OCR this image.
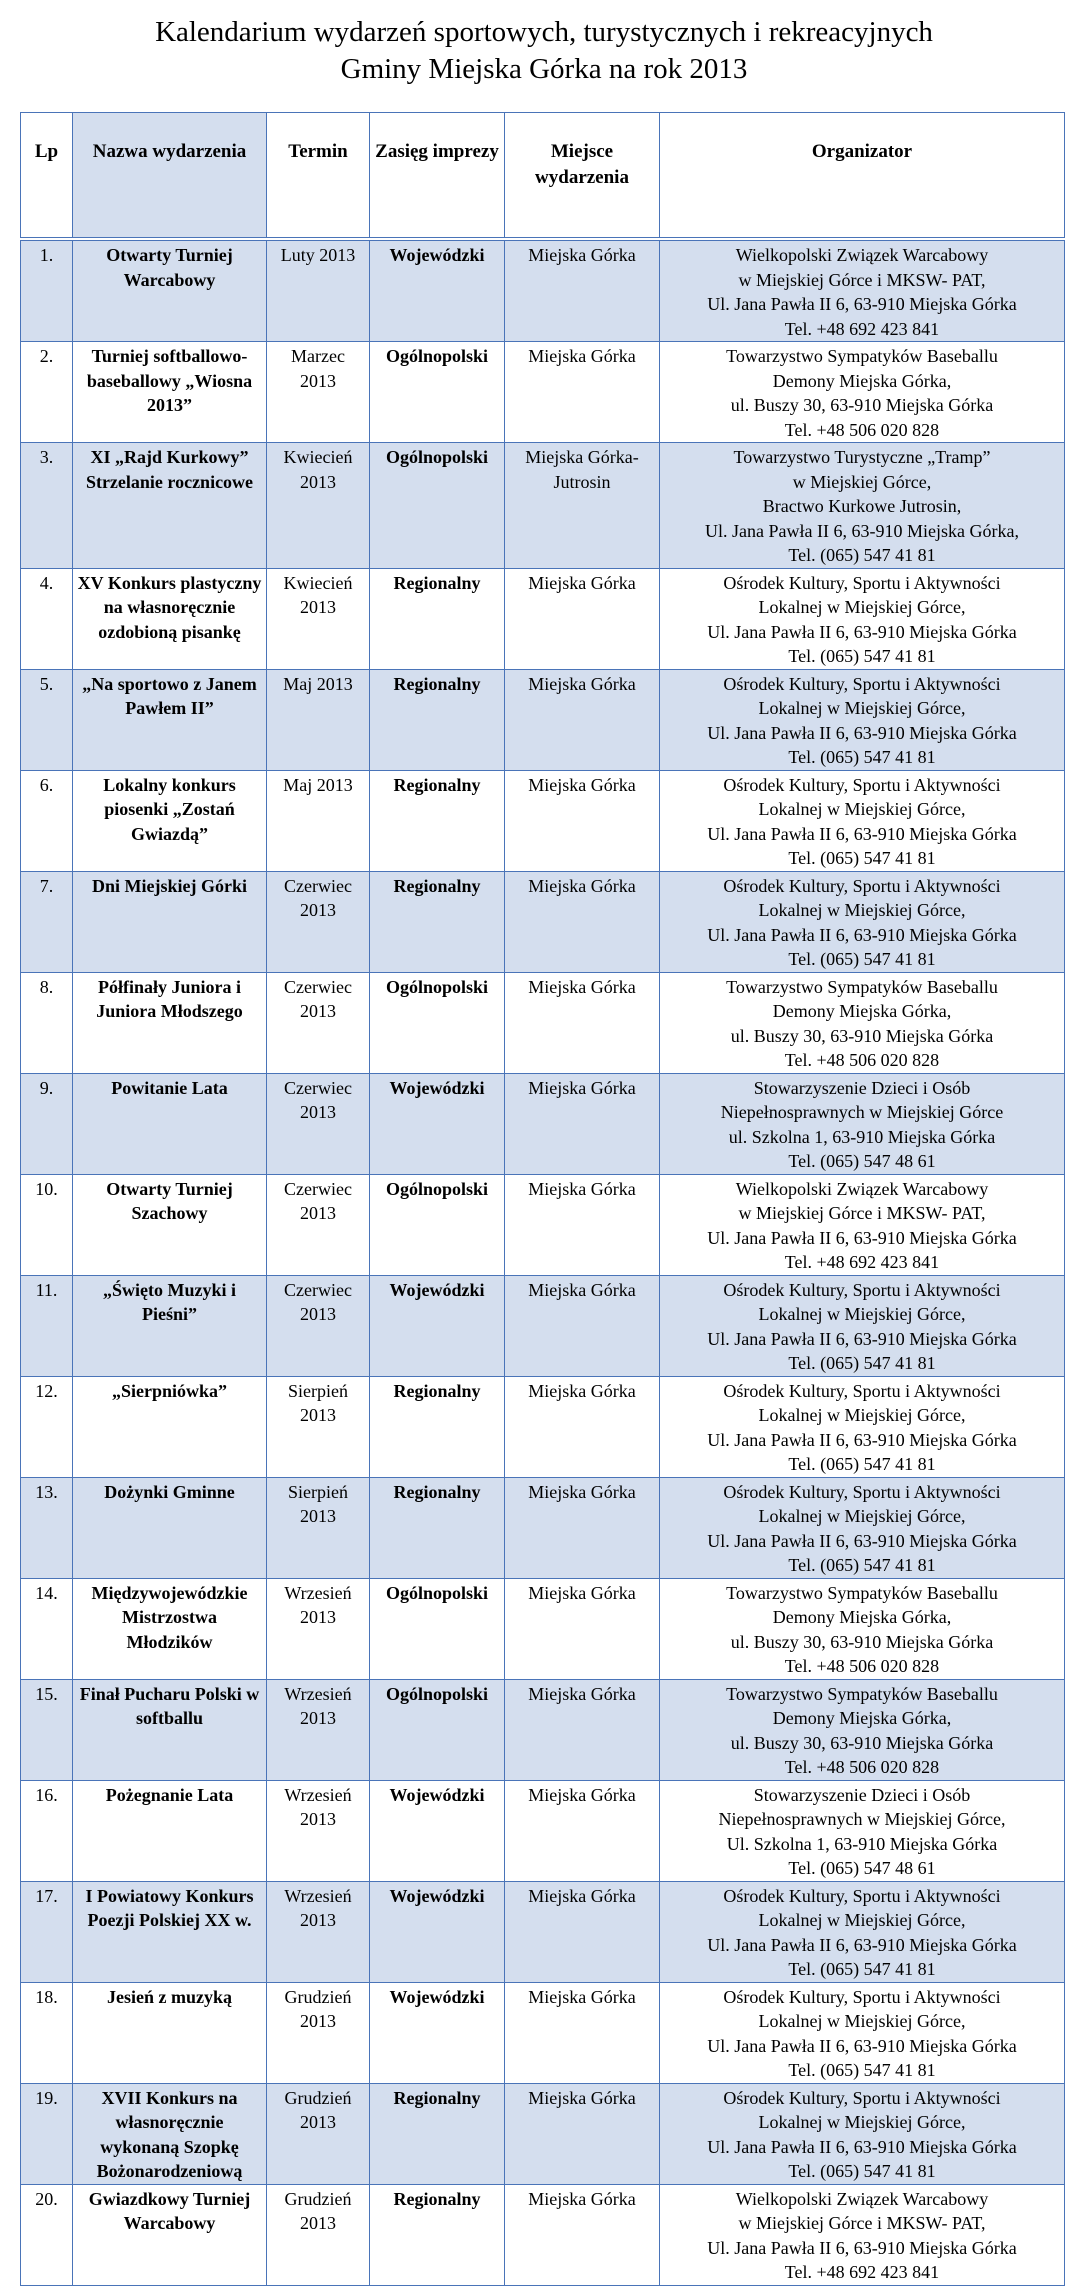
Kalendarium wydarzeń sportowych, turystycznych i rekreacyjnych
Gminy Miejska Górka na rok 2013
Lp	Nazwa wydarzenia	Termin	Zasięg imprezy	Miejsce wydarzenia	Organizator
1.	Otwarty Turniej Warcabowy	Luty 2013	Wojewódzki	Miejska Górka	Wielkopolski Związek Warcabowy
w Miejskiej Górce i MKSW- PAT,
Ul. Jana Pawła II 6, 63-910 Miejska Górka
Tel. +48 692 423 841

2.	Turniej softballowo-baseballowy „Wiosna 2013”	Marzec 2013	Ogólnopolski	Miejska Górka	Towarzystwo Sympatyków Baseballu
Demony Miejska Górka,
ul. Buszy 30, 63-910 Miejska Górka
Tel. +48 506 020 828

3.	XI „Rajd Kurkowy” Strzelanie rocznicowe	Kwiecień 2013	Ogólnopolski	Miejska Górka-Jutrosin	Towarzystwo Turystyczne „Tramp”
w Miejskiej Górce,
Bractwo Kurkowe Jutrosin,
Ul. Jana Pawła II 6, 63-910 Miejska Górka,
Tel. (065) 547 41 81

4.	XV Konkurs plastyczny na własnoręcznie ozdobioną pisankę	Kwiecień 2013	Regionalny	Miejska Górka	Ośrodek Kultury, Sportu i Aktywności
Lokalnej w Miejskiej Górce,
Ul. Jana Pawła II 6, 63-910 Miejska Górka
Tel. (065) 547 41 81

5.	„Na sportowo z Janem Pawłem II”	Maj 2013	Regionalny	Miejska Górka	Ośrodek Kultury, Sportu i Aktywności
Lokalnej w Miejskiej Górce,
Ul. Jana Pawła II 6, 63-910 Miejska Górka
Tel. (065) 547 41 81

6.	Lokalny konkurs piosenki „Zostań Gwiazdą”	Maj 2013	Regionalny	Miejska Górka	Ośrodek Kultury, Sportu i Aktywności
Lokalnej w Miejskiej Górce,
Ul. Jana Pawła II 6, 63-910 Miejska Górka
Tel. (065) 547 41 81

7.	Dni Miejskiej Górki	Czerwiec 2013	Regionalny	Miejska Górka	Ośrodek Kultury, Sportu i Aktywności
Lokalnej w Miejskiej Górce,
Ul. Jana Pawła II 6, 63-910 Miejska Górka
Tel. (065) 547 41 81

8.	Półfinały Juniora i Juniora Młodszego	Czerwiec 2013	Ogólnopolski	Miejska Górka	Towarzystwo Sympatyków Baseballu
Demony Miejska Górka,
ul. Buszy 30, 63-910 Miejska Górka
Tel. +48 506 020 828

9.	Powitanie Lata	Czerwiec 2013	Wojewódzki	Miejska Górka	Stowarzyszenie Dzieci i Osób
Niepełnosprawnych w Miejskiej Górce
ul. Szkolna 1, 63-910 Miejska Górka
Tel. (065) 547 48 61

10.	Otwarty Turniej Szachowy	Czerwiec 2013	Ogólnopolski	Miejska Górka	Wielkopolski Związek Warcabowy
w Miejskiej Górce i MKSW- PAT,
Ul. Jana Pawła II 6, 63-910 Miejska Górka
Tel. +48 692 423 841

11.	„Święto Muzyki i Pieśni”	Czerwiec 2013	Wojewódzki	Miejska Górka	Ośrodek Kultury, Sportu i Aktywności
Lokalnej w Miejskiej Górce,
Ul. Jana Pawła II 6, 63-910 Miejska Górka
Tel. (065) 547 41 81

12.	„Sierpniówka”	Sierpień 2013	Regionalny	Miejska Górka	Ośrodek Kultury, Sportu i Aktywności
Lokalnej w Miejskiej Górce,
Ul. Jana Pawła II 6, 63-910 Miejska Górka
Tel. (065) 547 41 81

13.	Dożynki Gminne	Sierpień 2013	Regionalny	Miejska Górka	Ośrodek Kultury, Sportu i Aktywności
Lokalnej w Miejskiej Górce,
Ul. Jana Pawła II 6, 63-910 Miejska Górka
Tel. (065) 547 41 81

14.	Międzywojewódzkie Mistrzostwa Młodzików	Wrzesień 2013	Ogólnopolski	Miejska Górka	Towarzystwo Sympatyków Baseballu
Demony Miejska Górka,
ul. Buszy 30, 63-910 Miejska Górka
Tel. +48 506 020 828

15.	Finał Pucharu Polski w softballu	Wrzesień 2013	Ogólnopolski	Miejska Górka	Towarzystwo Sympatyków Baseballu
Demony Miejska Górka,
ul. Buszy 30, 63-910 Miejska Górka
Tel. +48 506 020 828

16.	Pożegnanie Lata	Wrzesień 2013	Wojewódzki	Miejska Górka	Stowarzyszenie Dzieci i Osób
Niepełnosprawnych w Miejskiej Górce,
Ul. Szkolna 1, 63-910 Miejska Górka
Tel. (065) 547 48 61

17.	I Powiatowy Konkurs Poezji Polskiej XX w.	Wrzesień 2013	Wojewódzki	Miejska Górka	Ośrodek Kultury, Sportu i Aktywności
Lokalnej w Miejskiej Górce,
Ul. Jana Pawła II 6, 63-910 Miejska Górka
Tel. (065) 547 41 81

18.	Jesień z muzyką	Grudzień 2013	Wojewódzki	Miejska Górka	Ośrodek Kultury, Sportu i Aktywności
Lokalnej w Miejskiej Górce,
Ul. Jana Pawła II 6, 63-910 Miejska Górka
Tel. (065) 547 41 81

19.	XVII Konkurs na własnoręcznie wykonaną Szopkę Bożonarodzeniową	Grudzień 2013	Regionalny	Miejska Górka	Ośrodek Kultury, Sportu i Aktywności
Lokalnej w Miejskiej Górce,
Ul. Jana Pawła II 6, 63-910 Miejska Górka
Tel. (065) 547 41 81

20.	Gwiazdkowy Turniej Warcabowy	Grudzień 2013	Regionalny	Miejska Górka	Wielkopolski Związek Warcabowy
w Miejskiej Górce i MKSW- PAT,
Ul. Jana Pawła II 6, 63-910 Miejska Górka
Tel. +48 692 423 841
